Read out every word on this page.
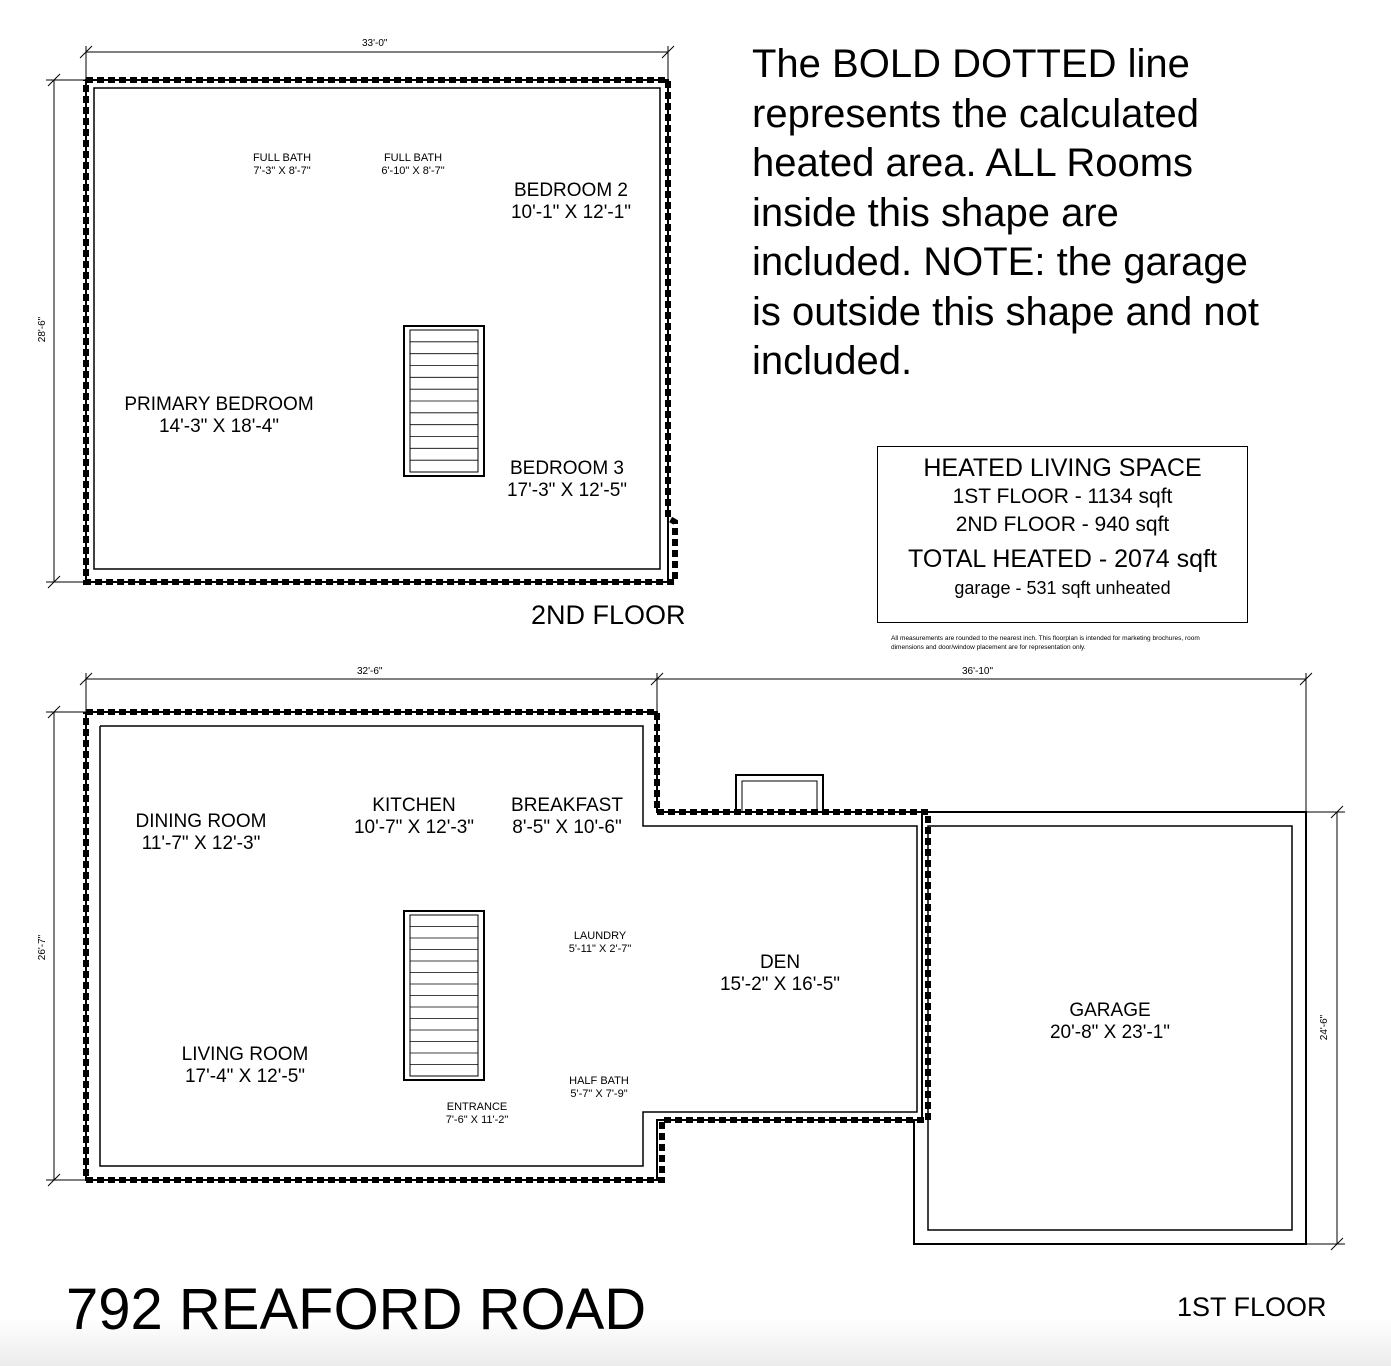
33'-0"
28'-6"
32'-6"	36'-10"
26'-7"
24'-6"
FULL BATH
7'-3" X 8'-7"
FULL BATH
6'-10" X 8'-7"
BEDROOM 2
10'-1" X 12'-1"
PRIMARY BEDROOM
14'-3" X 18'-4"
BEDROOM 3
17'-3" X 12'-5"
2ND FLOOR
The BOLD DOTTED line
represents the calculated
heated area. ALL Rooms
inside this shape are
included. NOTE: the garage
is outside this shape and not
included.
HEATED LIVING SPACE
1ST FLOOR - 1134 sqft
2ND FLOOR - 940 sqft
TOTAL HEATED - 2074 sqft
garage - 531 sqft unheated
All measurements are rounded to the nearest inch. This floorplan is intended for marketing brochures, room dimensions and door/window placement are for representation only.
DINING ROOM
11'-7" X 12'-3"
KITCHEN
10'-7" X 12'-3"
BREAKFAST
8'-5" X 10'-6"
LAUNDRY
5'-11" X 2'-7"
DEN
15'-2" X 16'-5"
GARAGE
20'-8" X 23'-1"
LIVING ROOM
17'-4" X 12'-5"	HALF BATH
5'-7" X 7'-9"
ENTRANCE
7'-6" X 11'-2"
792 REAFORD ROAD	1ST FLOOR
